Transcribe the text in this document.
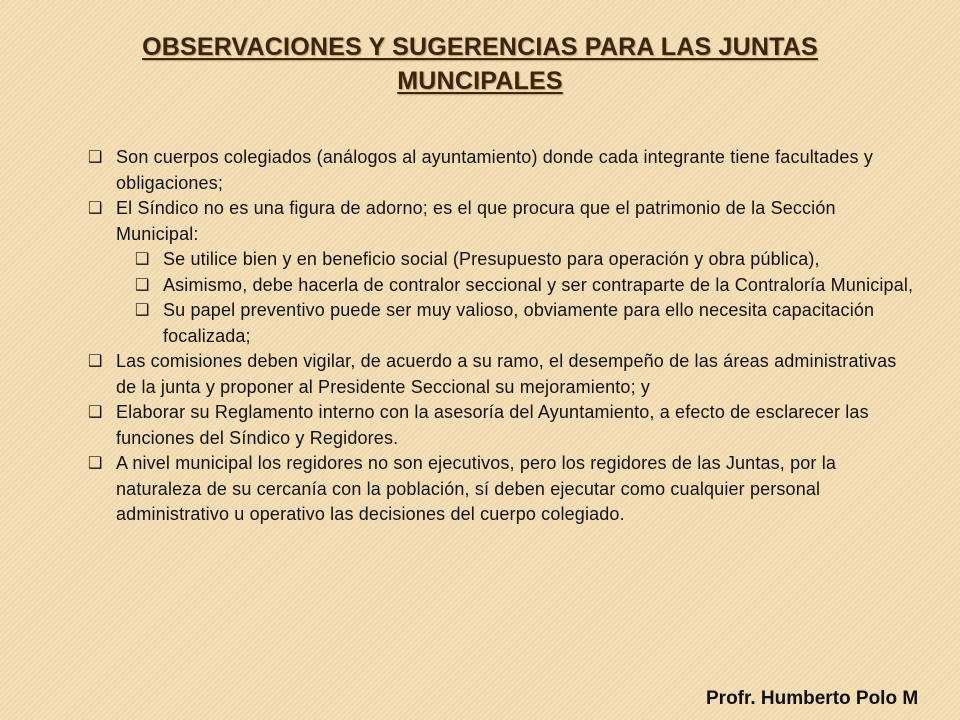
OBSERVACIONES Y SUGERENCIAS PARA LAS JUNTAS
MUNCIPALES
❑ Son cuerpos colegiados (análogos al ayuntamiento) donde cada integrante tiene facultades y obligaciones;
❑ El Síndico no es una figura de adorno; es el que procura que el patrimonio de la Sección Municipal:
❑ Se utilice bien y en beneficio social (Presupuesto para operación y obra pública),
❑ Asimismo, debe hacerla de contralor seccional y ser contraparte de la Contraloría Municipal,
❑ Su papel preventivo puede ser muy valioso, obviamente para ello necesita capacitación focalizada;
❑ Las comisiones deben vigilar, de acuerdo a su ramo, el desempeño de las áreas administrativas de la junta y proponer al Presidente Seccional su mejoramiento; y
❑ Elaborar su Reglamento interno con la asesoría del Ayuntamiento, a efecto de esclarecer las funciones del Síndico y Regidores.
❑ A nivel municipal los regidores no son ejecutivos, pero los regidores de las Juntas, por la naturaleza de su cercanía con la población, sí deben ejecutar como cualquier personal administrativo u operativo las decisiones del cuerpo colegiado.
Profr. Humberto Polo M
